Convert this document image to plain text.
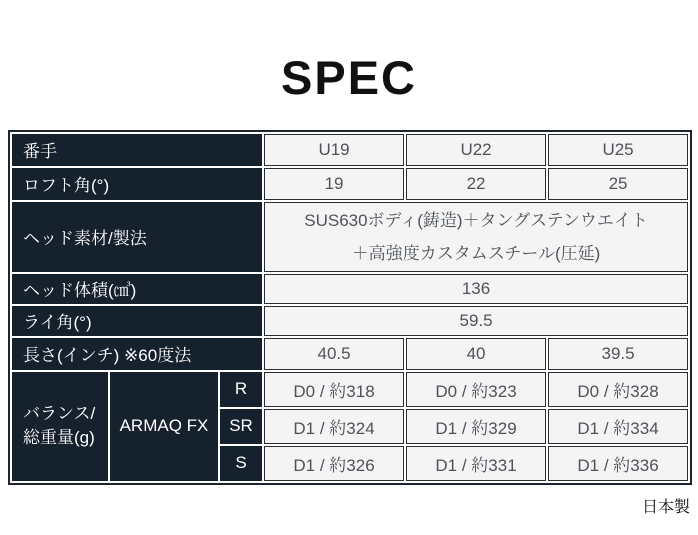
SPEC
番手			U19	U22	U25
ロフト角(°)			19	22	25
ヘッド素材/製法			SUS630ボディ(鋳造)＋タングステンウエイト
＋高強度カスタムスチール(圧延)		

ヘッド体積(㎤)			136		
ライ角(°)			59.5		
長さ(インチ) ※60度法			40.5	40	39.5

バランス/
総重量(g)	ARMAQ FX	R	D0 / 約318	D0 / 約323	D0 / 約328
		SR	D1 / 約324	D1 / 約329	D1 / 約334
		S	D1 / 約326	D1 / 約331	D1 / 約336
日本製
